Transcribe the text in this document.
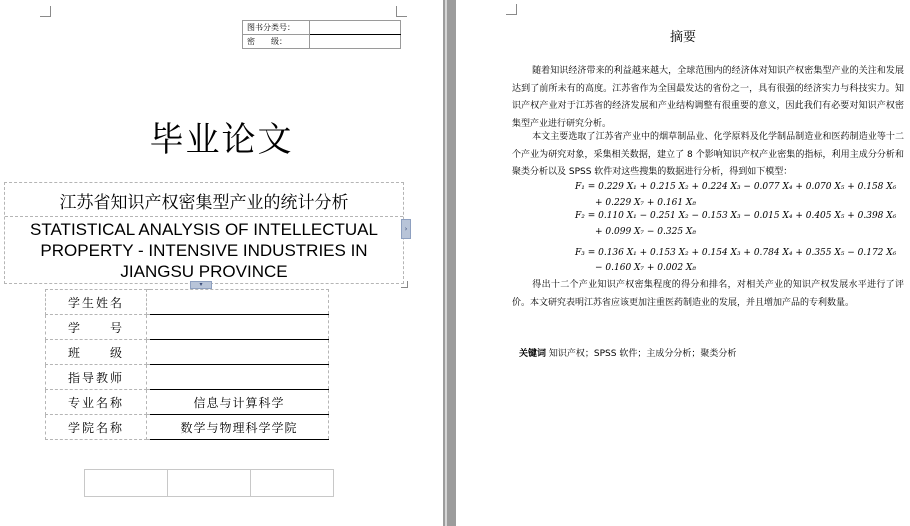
图书分类号：	
密　　级：	
毕业论文
江苏省知识产权密集型产业的统计分析
STATISTICAL ANALYSIS OF INTELLECTUAL PROPERTY - INTENSIVE INDUSTRIES IN JIANGSU PROVINCE
›
▾
学生姓名		
学　　号		
班　　级		
指导教师		
专业名称		信息与计算科学
学院名称		数学与物理科学学院

摘要
随着知识经济带来的利益越来越大，全球范围内的经济体对知识产权密集型产业的关注和发展达到了前所未有的高度。江苏省作为全国最发达的省份之一，具有很强的经济实力与科技实力。知识产权产业对于江苏省的经济发展和产业结构调整有很重要的意义，因此我们有必要对知识产权密集型产业进行研究分析。
本文主要选取了江苏省产业中的烟草制品业、化学原料及化学制品制造业和医药制造业等十二个产业为研究对象，采集相关数据，建立了 8 个影响知识产权产业密集的指标，利用主成分分析和聚类分析以及 SPSS 软件对这些搜集的数据进行分析，得到如下模型：
F₁ = 0.229 X₁ + 0.215 X₂ + 0.224 X₃ − 0.077 X₄ + 0.070 X₅ + 0.158 X₆
+ 0.229 X₇ + 0.161 X₈
F₂ = 0.110 X₁ − 0.251 X₂ − 0.153 X₃ − 0.015 X₄ + 0.405 X₅ + 0.398 X₆
+ 0.099 X₇ − 0.325 X₈
F₃ = 0.136 X₁ + 0.153 X₂ + 0.154 X₃ + 0.784 X₄ + 0.355 X₅ − 0.172 X₆
− 0.160 X₇ + 0.002 X₈
得出十二个产业知识产权密集程度的得分和排名，对相关产业的知识产权发展水平进行了评价。本文研究表明江苏省应该更加注重医药制造业的发展，并且增加产品的专利数量。
关键词 知识产权；SPSS 软件；主成分分析；聚类分析
